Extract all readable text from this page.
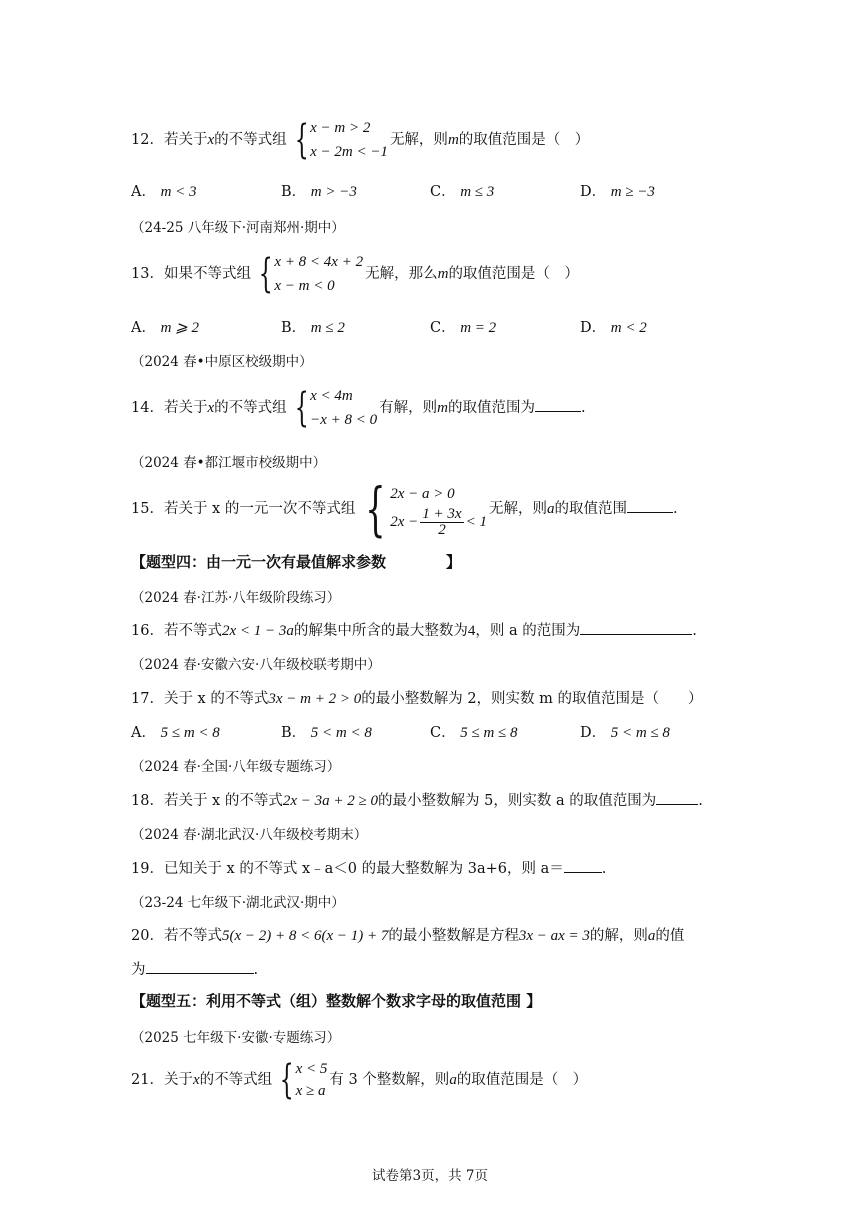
12．若关于x的不等式组 { x − m > 2
x − 2m < −1
无解，则m的取值范围是（　）
A． m < 3	B． m > −3	C． m ≤ 3	D． m ≥ −3
（24-25 八年级下·河南郑州·期中）
13．如果不等式组 { x + 8 < 4x + 2
x − m < 0
无解，那么m的取值范围是（　）
A． m ⩾ 2	B． m ≤ 2	C． m = 2	D． m < 2
（2024 春•中原区校级期中）
14．若关于x的不等式组 { x < 4m
−x + 8 < 0
有解，则m的取值范围为	.
（2024 春•都江堰市校级期中）
15．若关于 x 的一元一次不等式组 { 2x − a > 0
$2x - \frac{1 + 3x}{2} < 1$
无解，则a的取值范围	.
【题型四：由一元一次有最值解求参数　　　　】
（2024 春·江苏·八年级阶段练习）
16．若不等式2x < 1 − 3a的解集中所含的最大整数为4，则 a 的范围为	.
（2024 春·安徽六安·八年级校联考期中）
17．关于 x 的不等式3x − m + 2 > 0的最小整数解为 2，则实数 m 的取值范围是（　　）
A． 5 ≤ m < 8	B． 5 < m < 8	C． 5 ≤ m ≤ 8	D． 5 < m ≤ 8
（2024 春·全国·八年级专题练习）
18．若关于 x 的不等式2x − 3a + 2 ≥ 0的最小整数解为 5，则实数 a 的取值范围为	.
（2024 春·湖北武汉·八年级校考期末）
19．已知关于 x 的不等式 x﹣a＜0 的最大整数解为 3a+6，则 a＝	.
（23-24 七年级下·湖北武汉·期中）
20．若不等式5(x − 2) + 8 < 6(x − 1) + 7的最小整数解是方程3x − ax = 3的解，则a的值
为	.
【题型五：利用不等式（组）整数解个数求字母的取值范围 】
（2025 七年级下·安徽·专题练习）
21．关于x的不等式组 { x < 5
x ≥ a
有 3 个整数解，则a的取值范围是（　）
试卷第3页，共 7页
